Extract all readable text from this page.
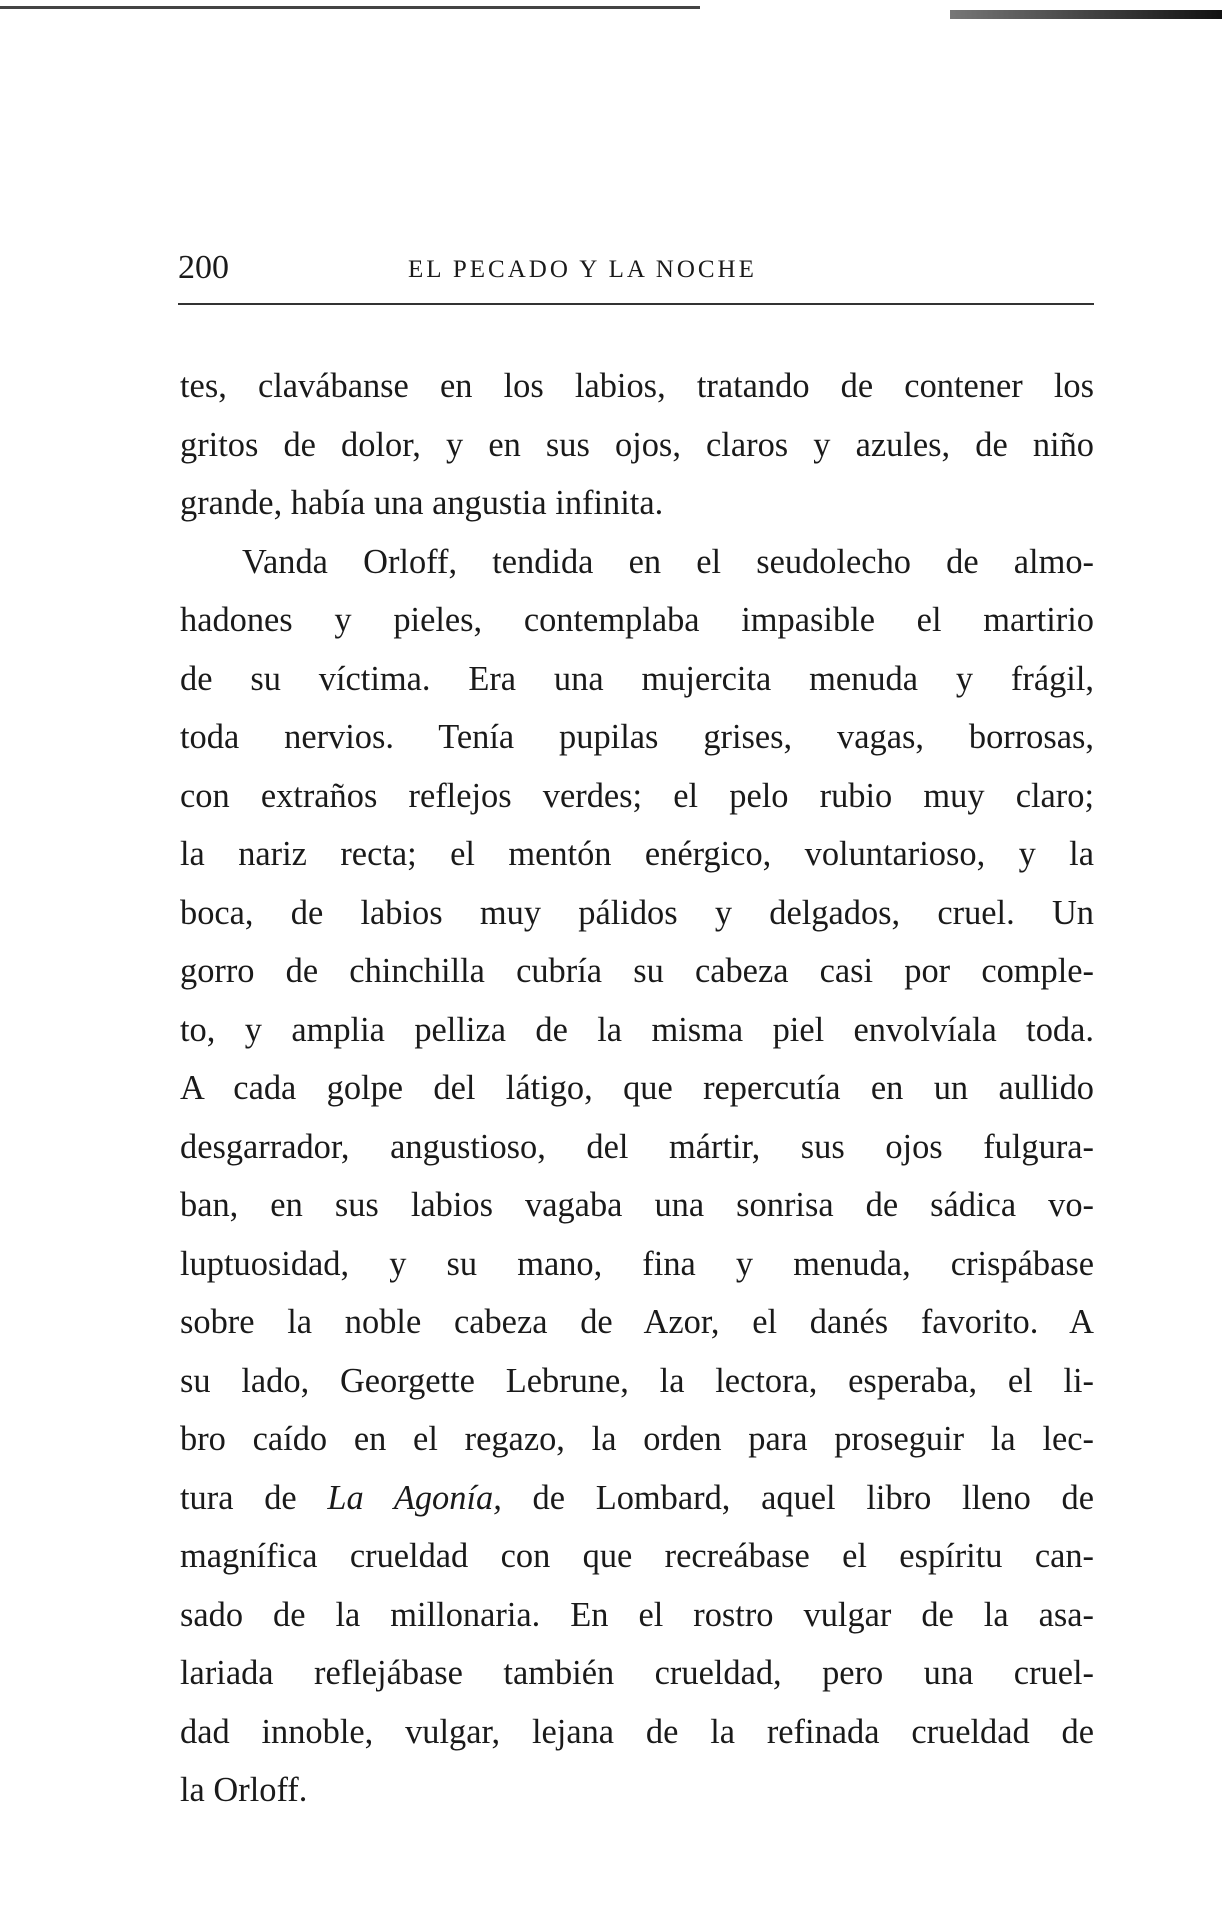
200	EL PECADO Y LA NOCHE
tes, clavábanse en los labios, tratando de contener los
gritos de dolor, y en sus ojos, claros y azules, de niño
grande, había una angustia infinita.
Vanda Orloff, tendida en el seudolecho de almo-
hadones y pieles, contemplaba impasible el martirio
de su víctima. Era una mujercita menuda y frágil,
toda nervios. Tenía pupilas grises, vagas, borrosas,
con extraños reflejos verdes; el pelo rubio muy claro;
la nariz recta; el mentón enérgico, voluntarioso, y la
boca, de labios muy pálidos y delgados, cruel. Un
gorro de chinchilla cubría su cabeza casi por comple-
to, y amplia pelliza de la misma piel envolvíala toda.
A cada golpe del látigo, que repercutía en un aullido
desgarrador, angustioso, del mártir, sus ojos fulgura-
ban, en sus labios vagaba una sonrisa de sádica vo-
luptuosidad, y su mano, fina y menuda, crispábase
sobre la noble cabeza de Azor, el danés favorito. A
su lado, Georgette Lebrune, la lectora, esperaba, el li-
bro caído en el regazo, la orden para proseguir la lec-
tura de La Agonía, de Lombard, aquel libro lleno de
magnífica crueldad con que recreábase el espíritu can-
sado de la millonaria. En el rostro vulgar de la asa-
lariada reflejábase también crueldad, pero una cruel-
dad innoble, vulgar, lejana de la refinada crueldad de
la Orloff.
